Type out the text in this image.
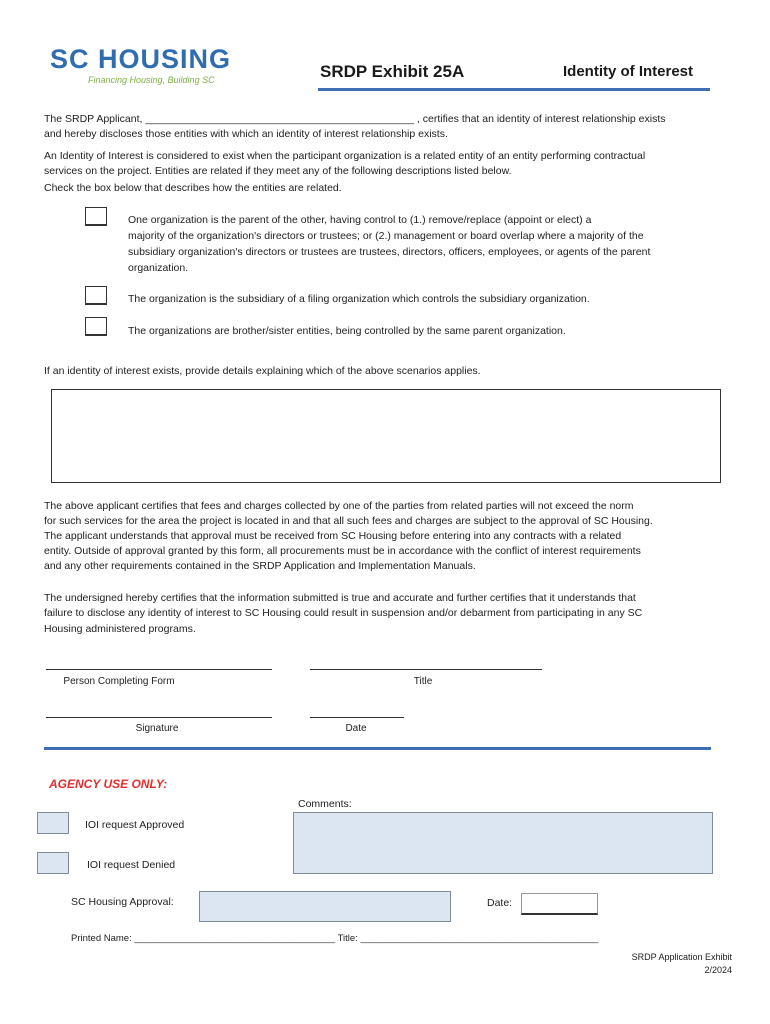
SC HOUSING
Financing Housing, Building SC	SRDP Exhibit 25A	Identity of Interest
The SRDP Applicant, ______________________________________________ , certifies that an identity of interest relationship exists
and hereby discloses those entities with which an identity of interest relationship exists.
An Identity of Interest is considered to exist when the participant organization is a related entity of an entity performing contractual
services on the project. Entities are related if they meet any of the following descriptions listed below.
Check the box below that describes how the entities are related.
One organization is the parent of the other, having control to (1.) remove/replace (appoint or elect) a
majority of the organization's directors or trustees; or (2.) management or board overlap where a majority of the
subsidiary organization's directors or trustees are trustees, directors, officers, employees, or agents of the parent
organization.
The organization is the subsidiary of a filing organization which controls the subsidiary organization.
The organizations are brother/sister entities, being controlled by the same parent organization.
If an identity of interest exists, provide details explaining which of the above scenarios applies.
The above applicant certifies that fees and charges collected by one of the parties from related parties will not exceed the norm
for such services for the area the project is located in and that all such fees and charges are subject to the approval of SC Housing.
The applicant understands that approval must be received from SC Housing before entering into any contracts with a related
entity. Outside of approval granted by this form, all procurements must be in accordance with the conflict of interest requirements
and any other requirements contained in the SRDP Application and Implementation Manuals.
The undersigned hereby certifies that the information submitted is true and accurate and further certifies that it understands that
failure to disclose any identity of interest to SC Housing could result in suspension and/or debarment from participating in any SC
Housing administered programs.
Person Completing Form	Title
Signature	Date
AGENCY USE ONLY:
Comments:
IOI request Approved
IOI request Denied
SC Housing Approval:	Date:
Printed Name: ______________________________________ Title: _____________________________________________
SRDP Application Exhibit
2/2024
